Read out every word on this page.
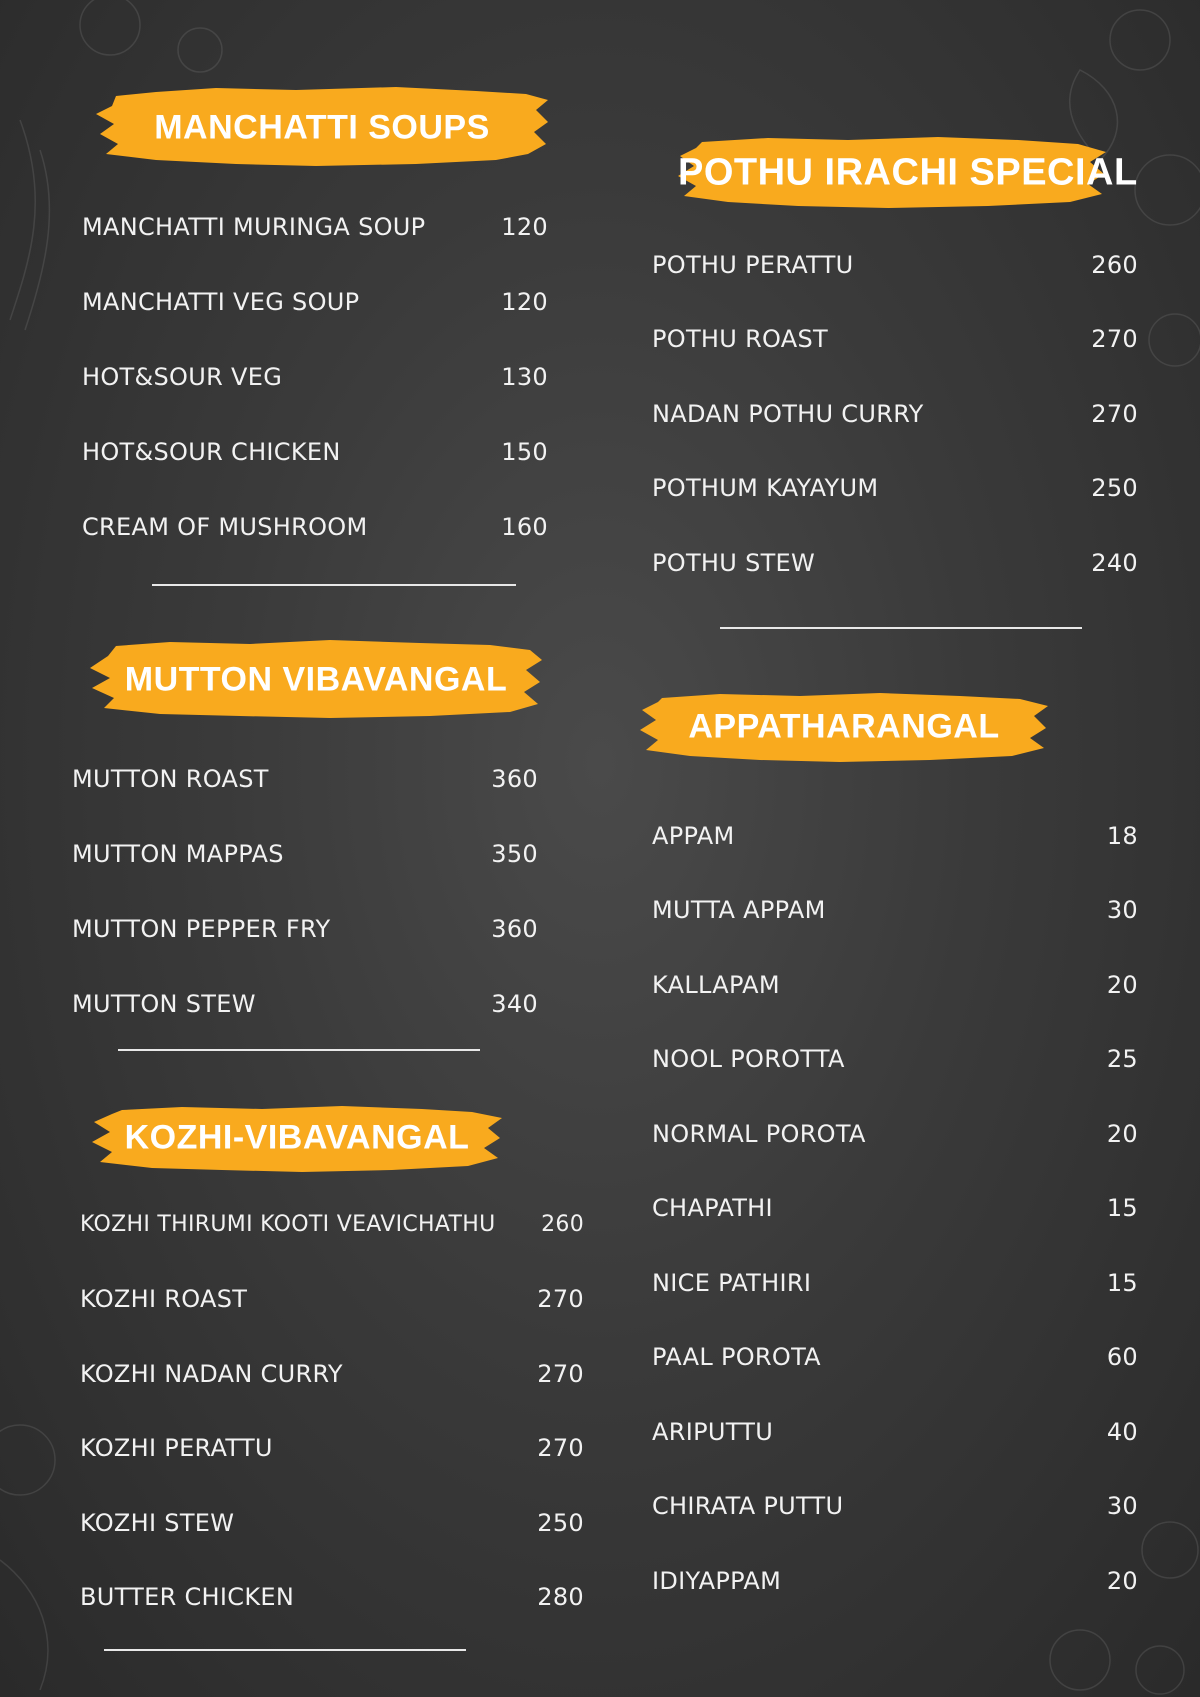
MANCHATTI SOUPS
MANCHATTI MURINGA SOUP	120
MANCHATTI VEG SOUP	120
HOT&SOUR VEG	130
HOT&SOUR CHICKEN	150
CREAM OF MUSHROOM	160
MUTTON VIBAVANGAL
MUTTON ROAST	360
MUTTON MAPPAS	350
MUTTON PEPPER FRY	360
MUTTON STEW	340
KOZHI-VIBAVANGAL
KOZHI THIRUMI KOOTI VEAVICHATHU 260
KOZHI ROAST	270
KOZHI NADAN CURRY	270
KOZHI PERATTU	270
KOZHI STEW	250
BUTTER CHICKEN	280
POTHU IRACHI SPECIAL
POTHU PERATTU	260
POTHU ROAST	270
NADAN POTHU CURRY	270
POTHUM KAYAYUM	250
POTHU STEW	240
APPATHARANGAL
APPAM	18
MUTTA APPAM	30
KALLAPAM	20
NOOL POROTTA	25
NORMAL POROTA	20
CHAPATHI	15
NICE PATHIRI	15
PAAL POROTA	60
ARIPUTTU	40
CHIRATA PUTTU	30
IDIYAPPAM	20
